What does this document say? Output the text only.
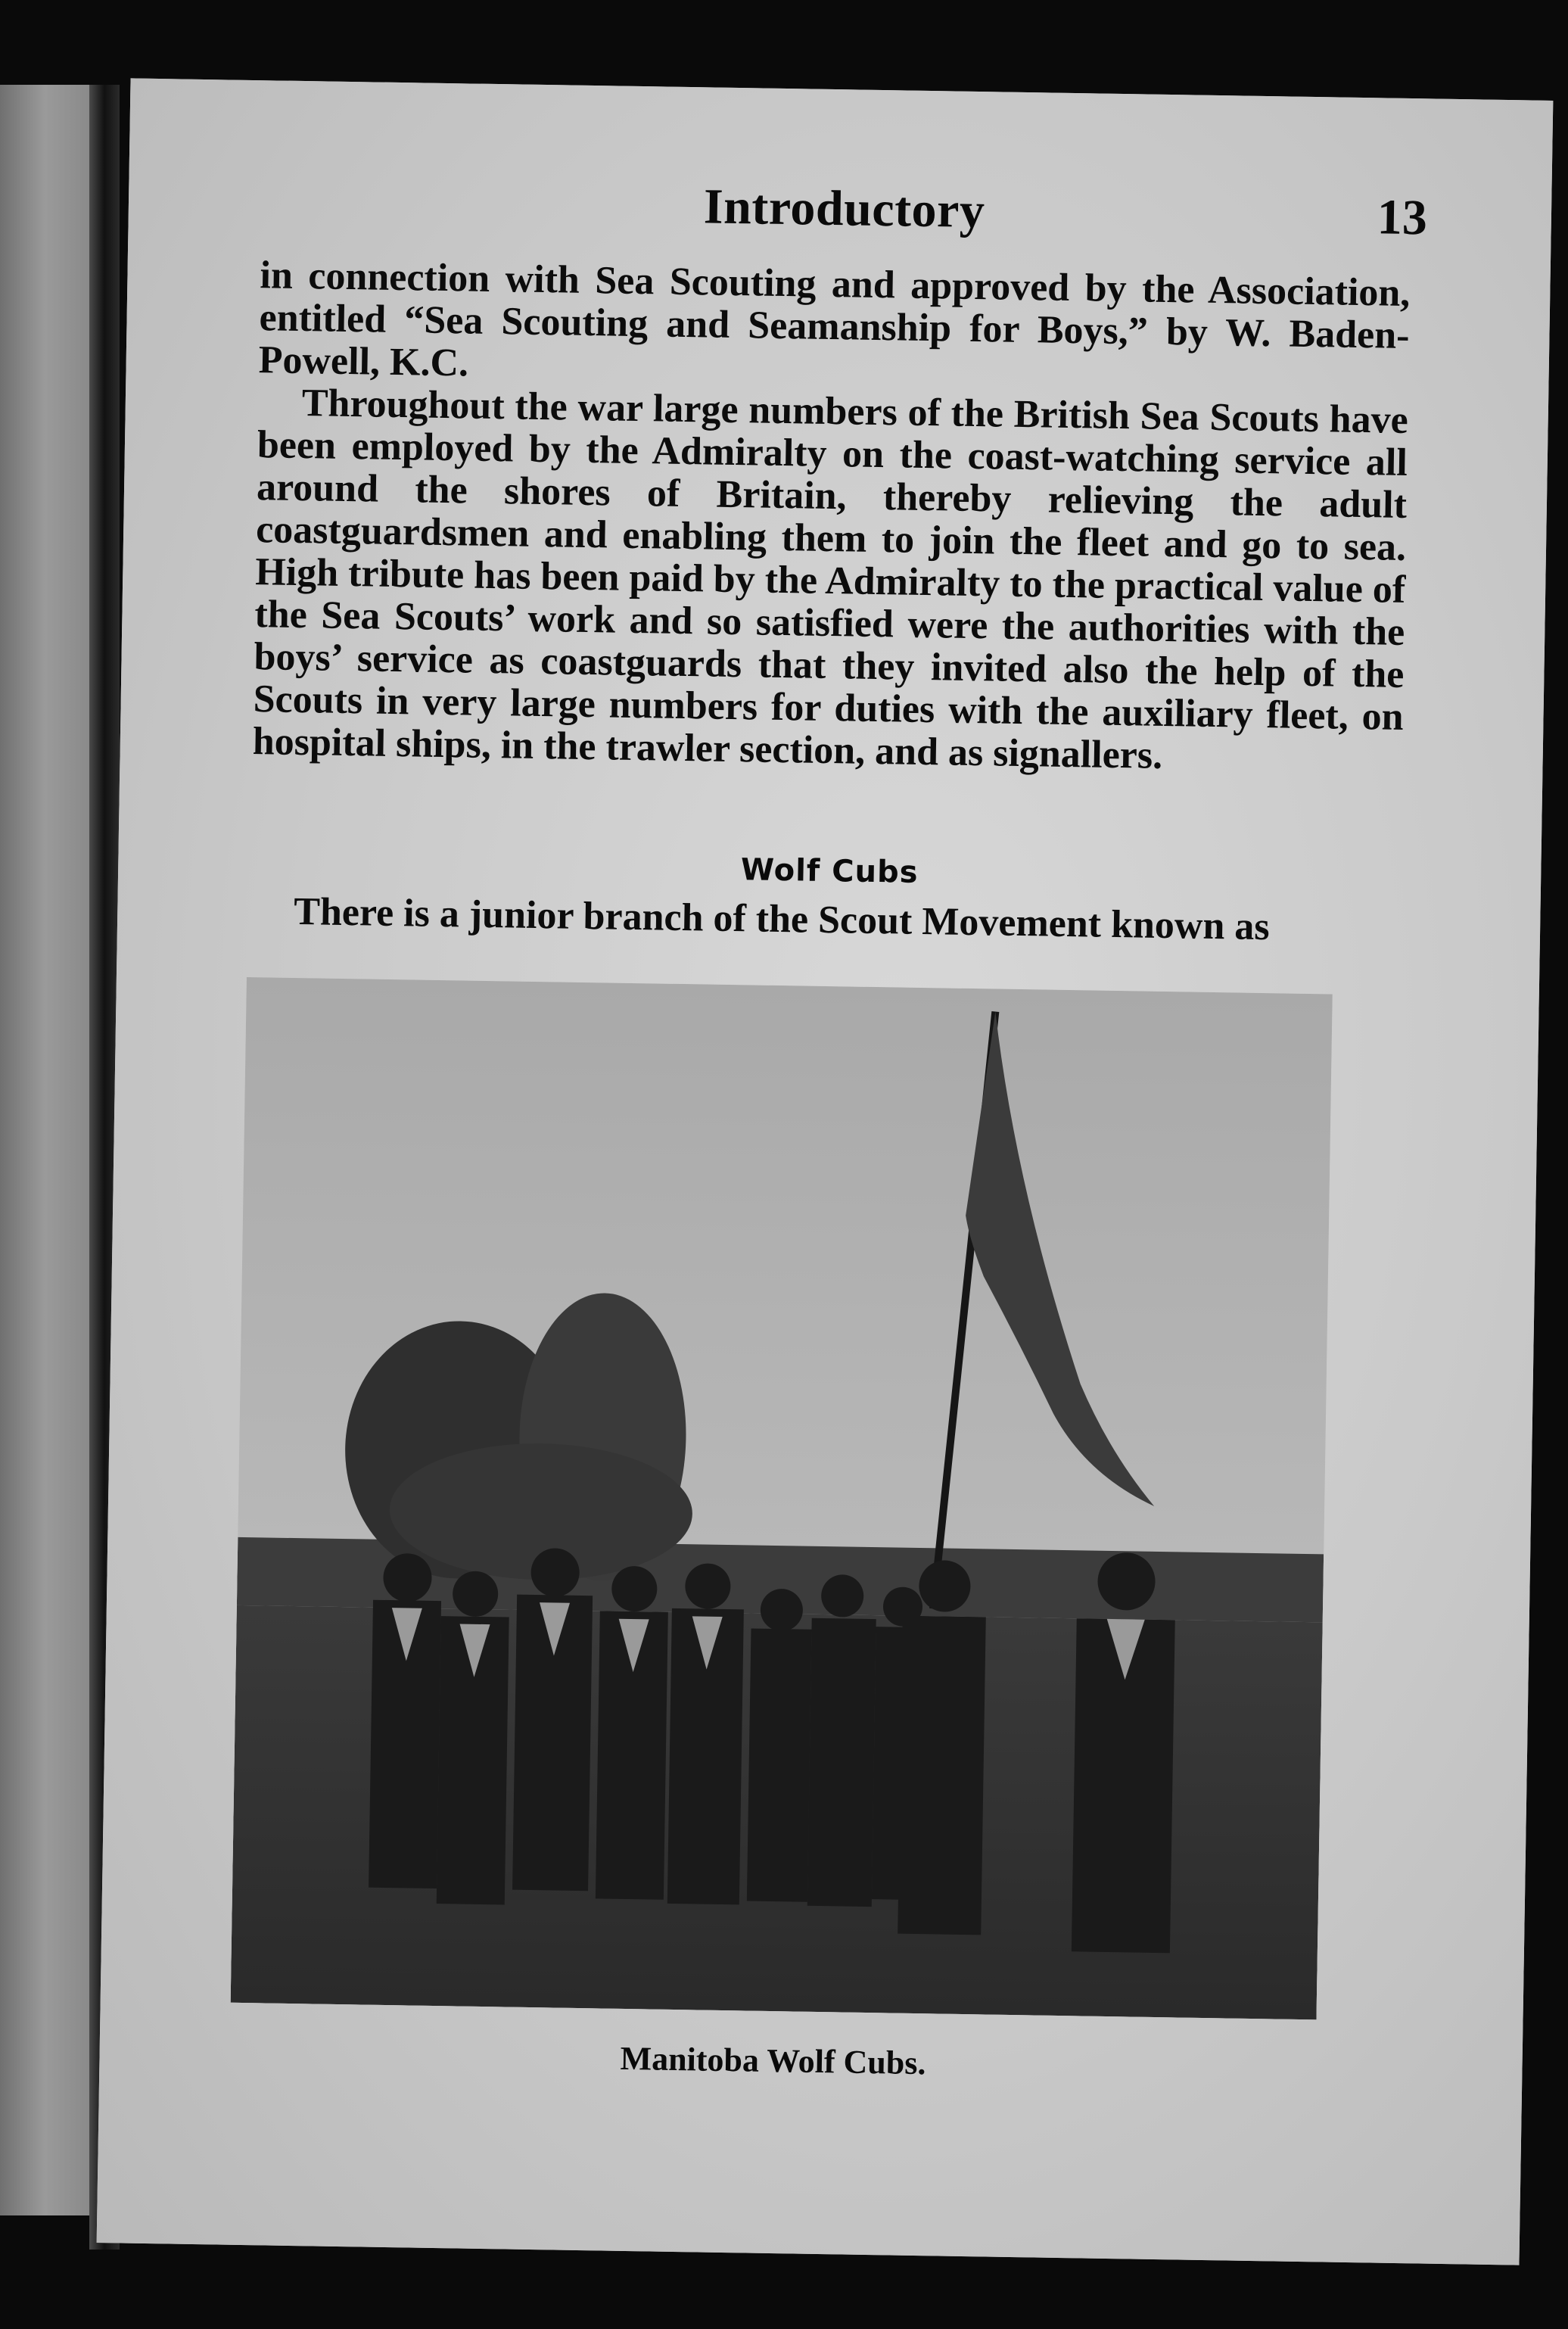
Introductory	13

in connection with Sea Scouting and approved by the Association, entitled “Sea Scouting and Seamanship for Boys,” by W. Baden-Powell, K.C.

Throughout the war large numbers of the British Sea Scouts have been employed by the Admiralty on the coast-watching service all around the shores of Britain, thereby relieving the adult coastguardsmen and enabling them to join the fleet and go to sea. High tribute has been paid by the Admiralty to the practical value of the Sea Scouts’ work and so satisfied were the authorities with the boys’ service as coastguards that they invited also the help of the Scouts in very large numbers for duties with the auxiliary fleet, on hospital ships, in the trawler section, and as signallers.

Wolf Cubs
There is a junior branch of the Scout Movement known as
Manitoba Wolf Cubs.
